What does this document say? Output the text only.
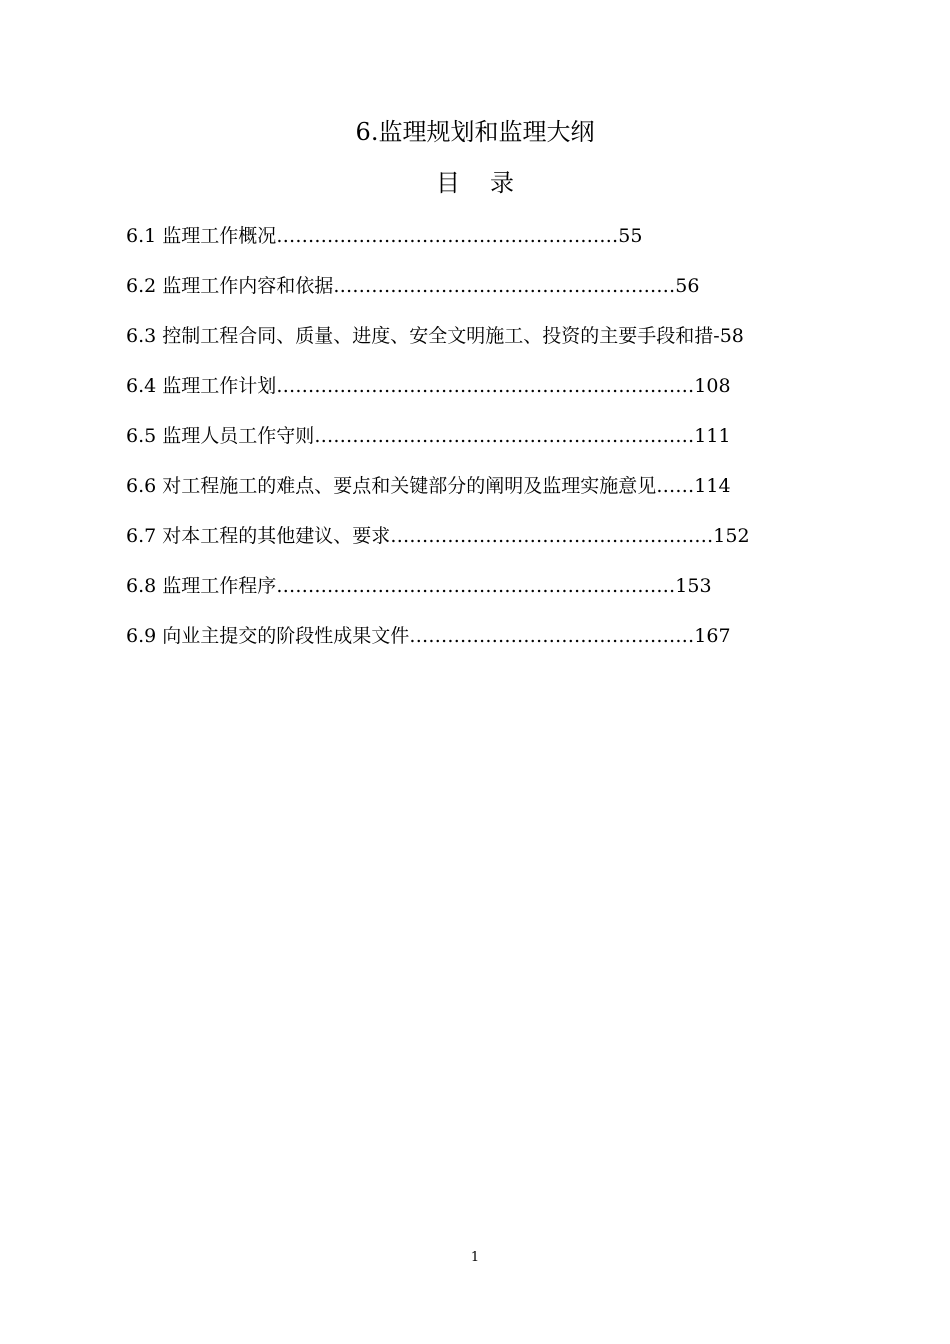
6.监理规划和监理大纲
目录
6.1 监理工作概况………………………………………………55
6.2 监理工作内容和依据………………………………………………56
6.3 控制工程合同、质量、进度、安全文明施工、投资的主要手段和措-58
6.4 监理工作计划…………………………………………………………108
6.5 监理人员工作守则……………………………………………………111
6.6 对工程施工的难点、要点和关键部分的阐明及监理实施意见……114
6.7 对本工程的其他建议、要求……………………………………………152
6.8 监理工作程序………………………………………………………153
6.9 向业主提交的阶段性成果文件………………………………………167
1
